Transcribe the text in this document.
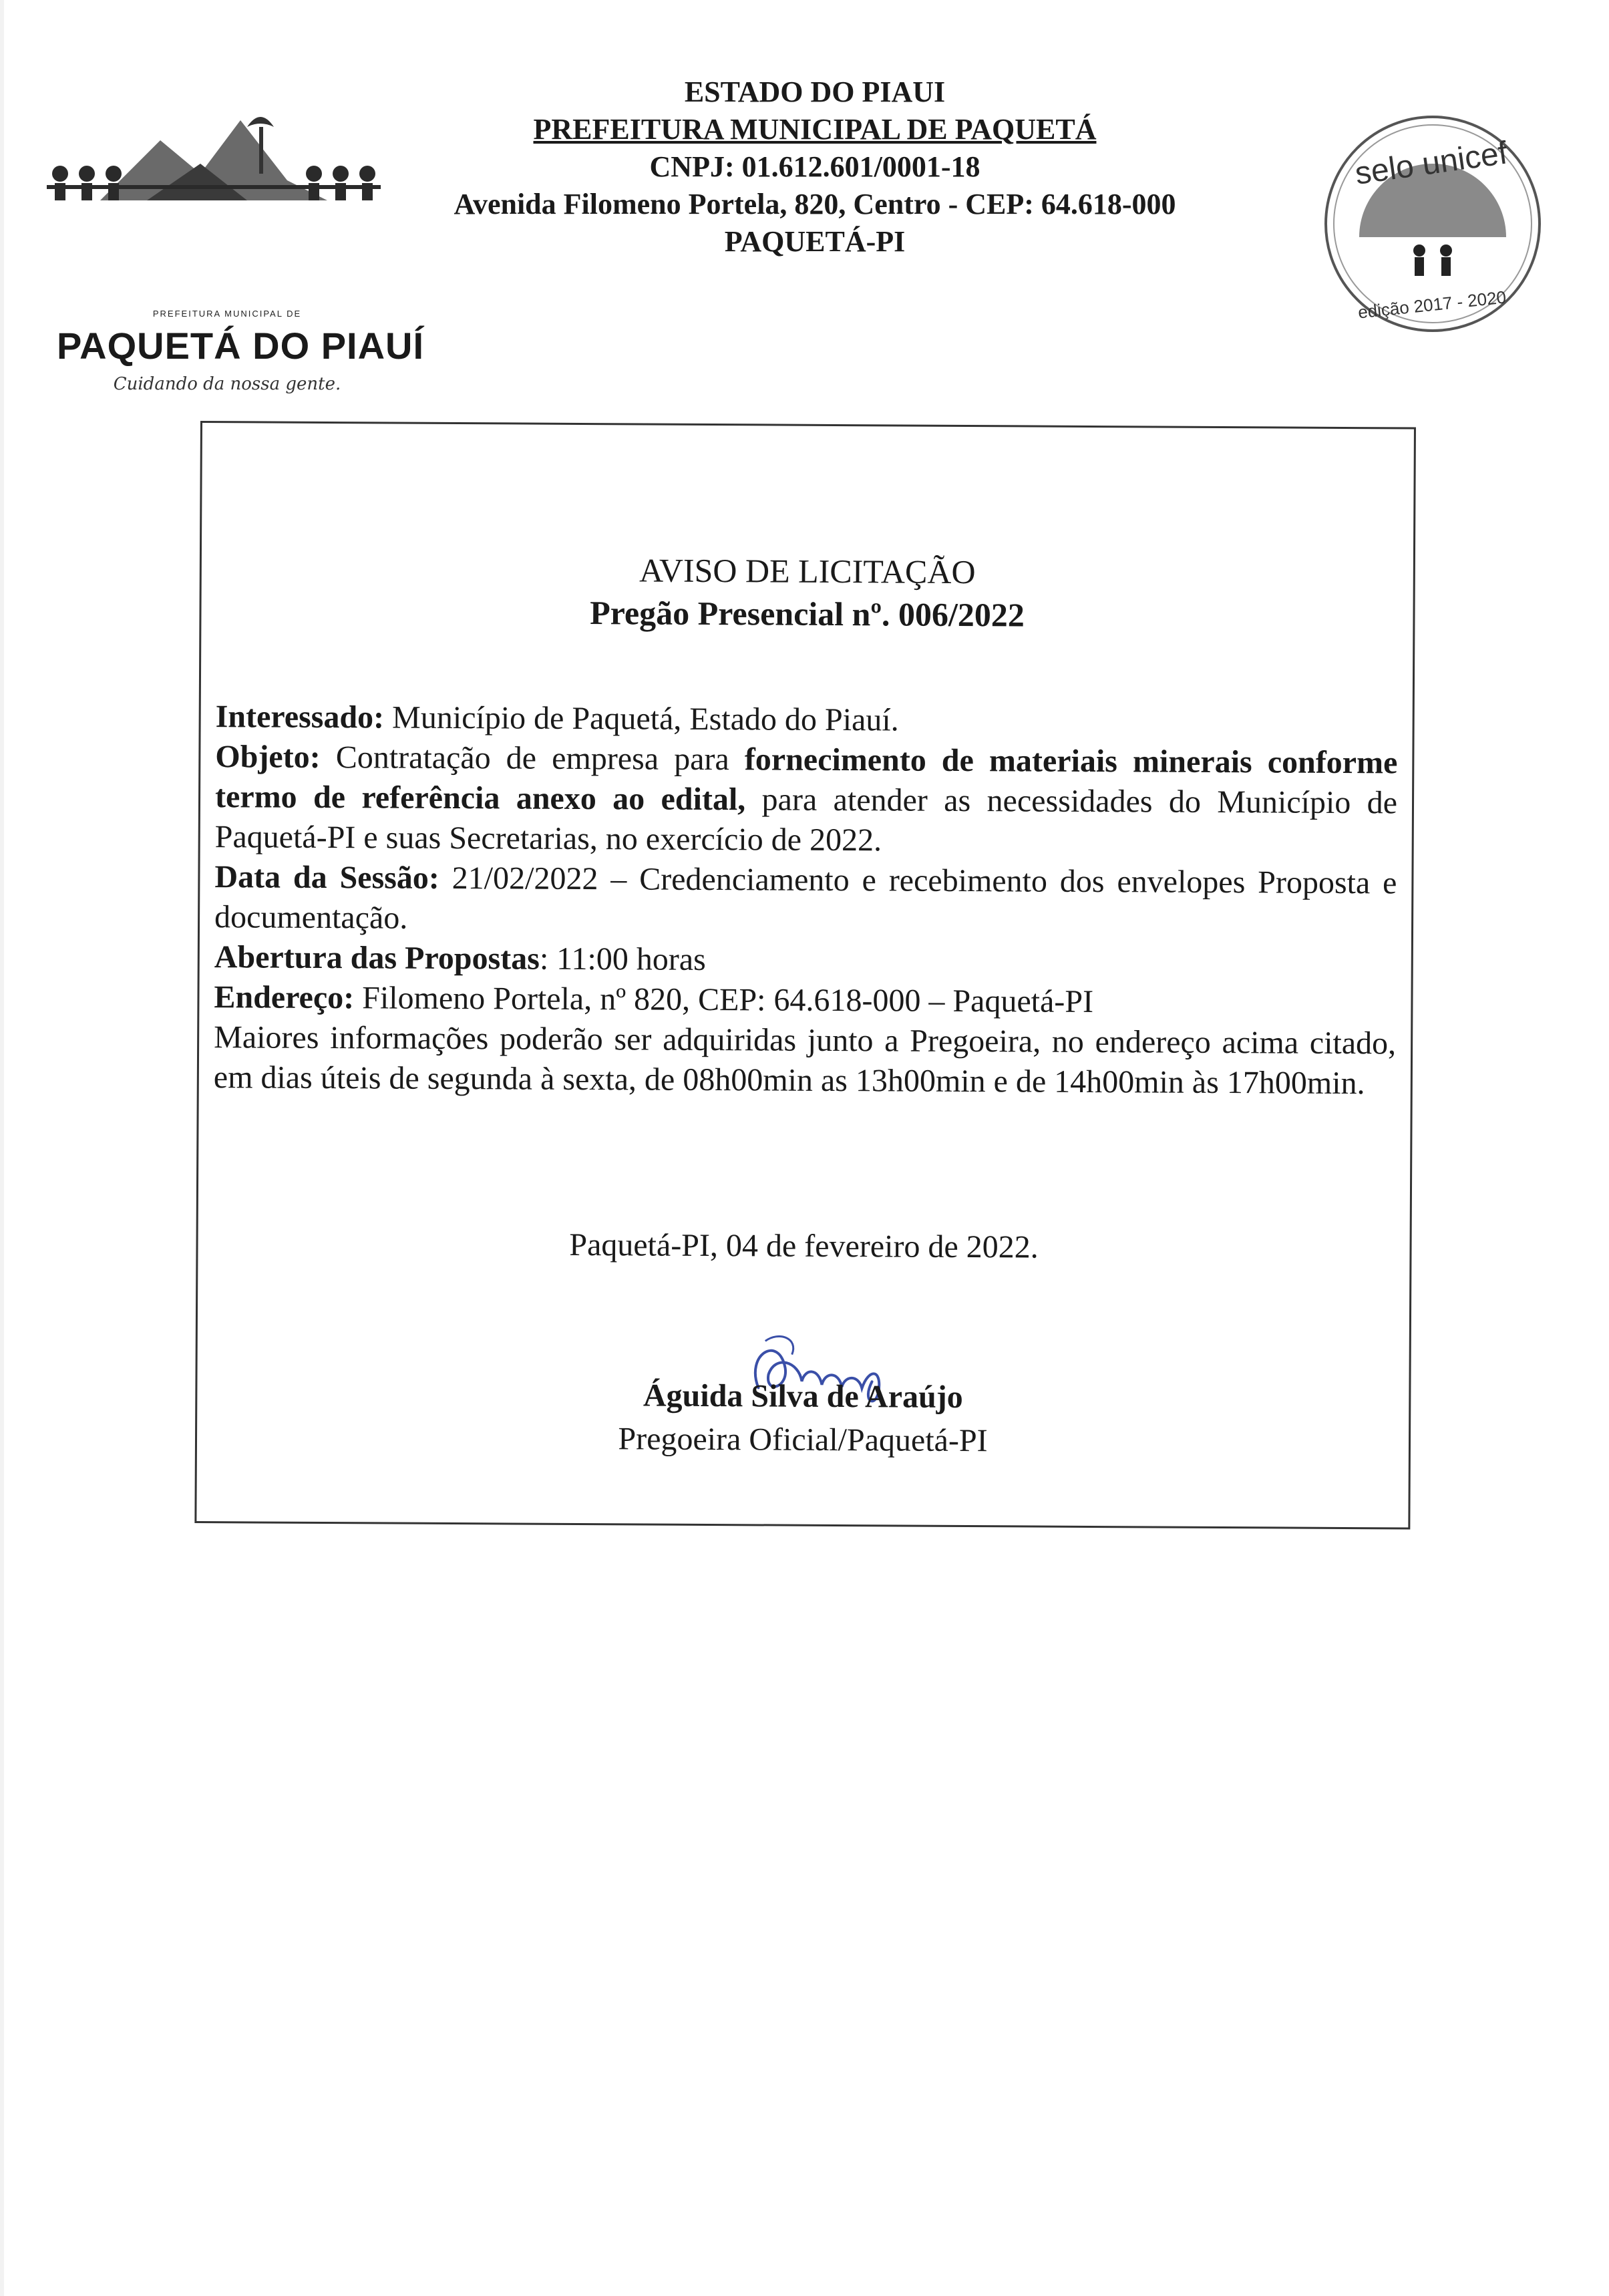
PREFEITURA MUNICIPAL DE
PAQUETÁ DO PIAUÍ
Cuidando da nossa gente.
ESTADO DO PIAUI
PREFEITURA MUNICIPAL DE PAQUETÁ
CNPJ: 01.612.601/0001-18
Avenida Filomeno Portela, 820, Centro - CEP: 64.618-000
PAQUETÁ-PI
selo unicef
edição 2017 - 2020
AVISO DE LICITAÇÃO
Pregão Presencial nº. 006/2022

Interessado: Município de Paquetá, Estado do Piauí.

Objeto: Contratação de empresa para fornecimento de materiais minerais conforme termo de referência anexo ao edital, para atender as necessidades do Município de Paquetá-PI e suas Secretarias, no exercício de 2022.

Data da Sessão: 21/02/2022 – Credenciamento e recebimento dos envelopes Proposta e documentação.

Abertura das Propostas: 11:00 horas

Endereço: Filomeno Portela, nº 820, CEP: 64.618-000 – Paquetá-PI

Maiores informações poderão ser adquiridas junto a Pregoeira, no endereço acima citado, em dias úteis de segunda à sexta, de 08h00min as 13h00min e de 14h00min às 17h00min.

Paquetá-PI, 04 de fevereiro de 2022.
Águida Silva de Araújo
Pregoeira Oficial/Paquetá-PI
